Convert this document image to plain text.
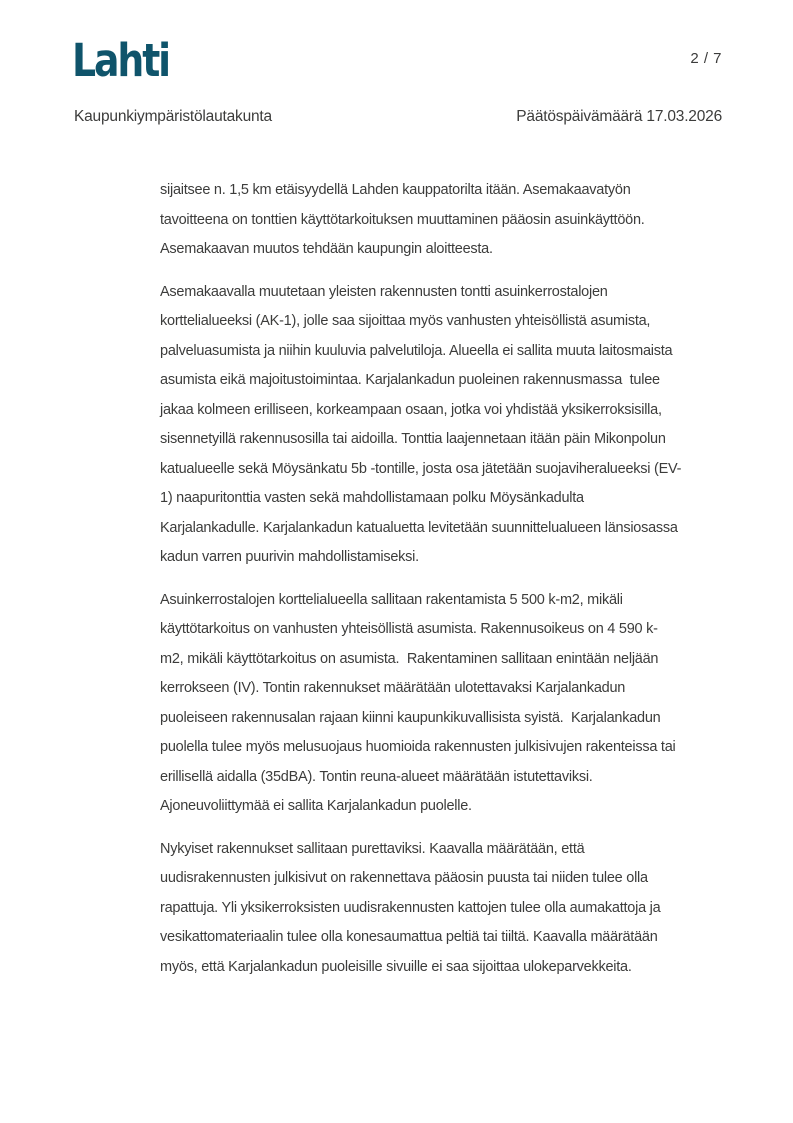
Lahti	2 / 7
Kaupunkiympäristölautakunta	Päätöspäivämäärä 17.03.2026
sijaitsee n. 1,5 km etäisyydellä Lahden kauppatorilta itään. Asemakaavatyön
tavoitteena on tonttien käyttötarkoituksen muuttaminen pääosin asuinkäyttöön.
Asemakaavan muutos tehdään kaupungin aloitteesta.
Asemakaavalla muutetaan yleisten rakennusten tontti asuinkerrostalojen
korttelialueeksi (AK-1), jolle saa sijoittaa myös vanhusten yhteisöllistä asumista,
palveluasumista ja niihin kuuluvia palvelutiloja. Alueella ei sallita muuta laitosmaista
asumista eikä majoitustoimintaa. Karjalankadun puoleinen rakennusmassa  tulee
jakaa kolmeen erilliseen, korkeampaan osaan, jotka voi yhdistää yksikerroksisilla,
sisennetyillä rakennusosilla tai aidoilla. Tonttia laajennetaan itään päin Mikonpolun
katualueelle sekä Möysänkatu 5b -tontille, josta osa jätetään suojaviheralueeksi (EV-
1) naapuritonttia vasten sekä mahdollistamaan polku Möysänkadulta
Karjalankadulle. Karjalankadun katualuetta levitetään suunnittelualueen länsiosassa
kadun varren puurivin mahdollistamiseksi.
Asuinkerrostalojen korttelialueella sallitaan rakentamista 5 500 k-m2, mikäli
käyttötarkoitus on vanhusten yhteisöllistä asumista. Rakennusoikeus on 4 590 k-
m2, mikäli käyttötarkoitus on asumista.  Rakentaminen sallitaan enintään neljään
kerrokseen (IV). Tontin rakennukset määrätään ulotettavaksi Karjalankadun
puoleiseen rakennusalan rajaan kiinni kaupunkikuvallisista syistä.  Karjalankadun
puolella tulee myös melusuojaus huomioida rakennusten julkisivujen rakenteissa tai
erillisellä aidalla (35dBA). Tontin reuna-alueet määrätään istutettaviksi.
Ajoneuvoliittymää ei sallita Karjalankadun puolelle.
Nykyiset rakennukset sallitaan purettaviksi. Kaavalla määrätään, että
uudisrakennusten julkisivut on rakennettava pääosin puusta tai niiden tulee olla
rapattuja. Yli yksikerroksisten uudisrakennusten kattojen tulee olla aumakattoja ja
vesikattomateriaalin tulee olla konesaumattua peltiä tai tiiltä. Kaavalla määrätään
myös, että Karjalankadun puoleisille sivuille ei saa sijoittaa ulokeparvekkeita.
